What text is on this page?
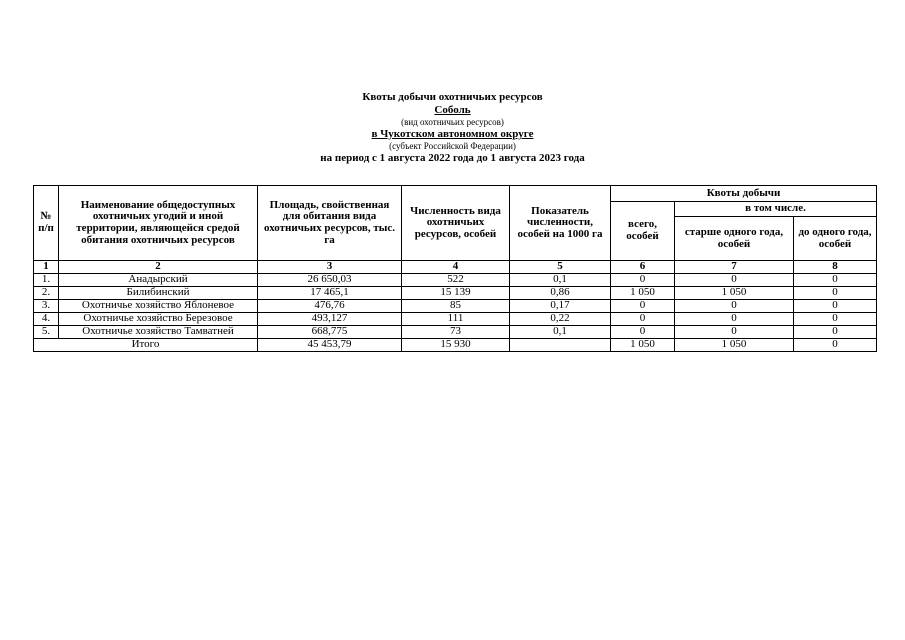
Квоты добычи охотничьих ресурсов
Соболь
(вид охотничьих ресурсов)
в Чукотском автономном округе
(субъект Российской Федерации)
на период с 1 августа 2022 года до 1 августа 2023 года
№ п/п	Наименование общедоступных охотничьих угодий и иной территории, являющейся средой обитания охотничьих ресурсов	Площадь, свойственная для обитания вида охотничьих ресурсов, тыс. га	Численность вида охотничьих ресурсов, особей	Показатель численности, особей на 1000 га	Квоты добычи		
					всего, особей	в том числе.	
						старше одного года, особей	до одного года, особей
1	2	3	4	5	6	7	8
1.	Анадырский	26 650,03	522	0,1	0	0	0
2.	Билибинский	17 465,1	15 139	0,86	1 050	1 050	0
3.	Охотничье хозяйство Яблоневое	476,76	85	0,17	0	0	0
4.	Охотничье хозяйство Березовое	493,127	111	0,22	0	0	0
5.	Охотничье хозяйство Тамватней	668,775	73	0,1	0	0	0
Итого		45 453,79	15 930		1 050	1 050	0
